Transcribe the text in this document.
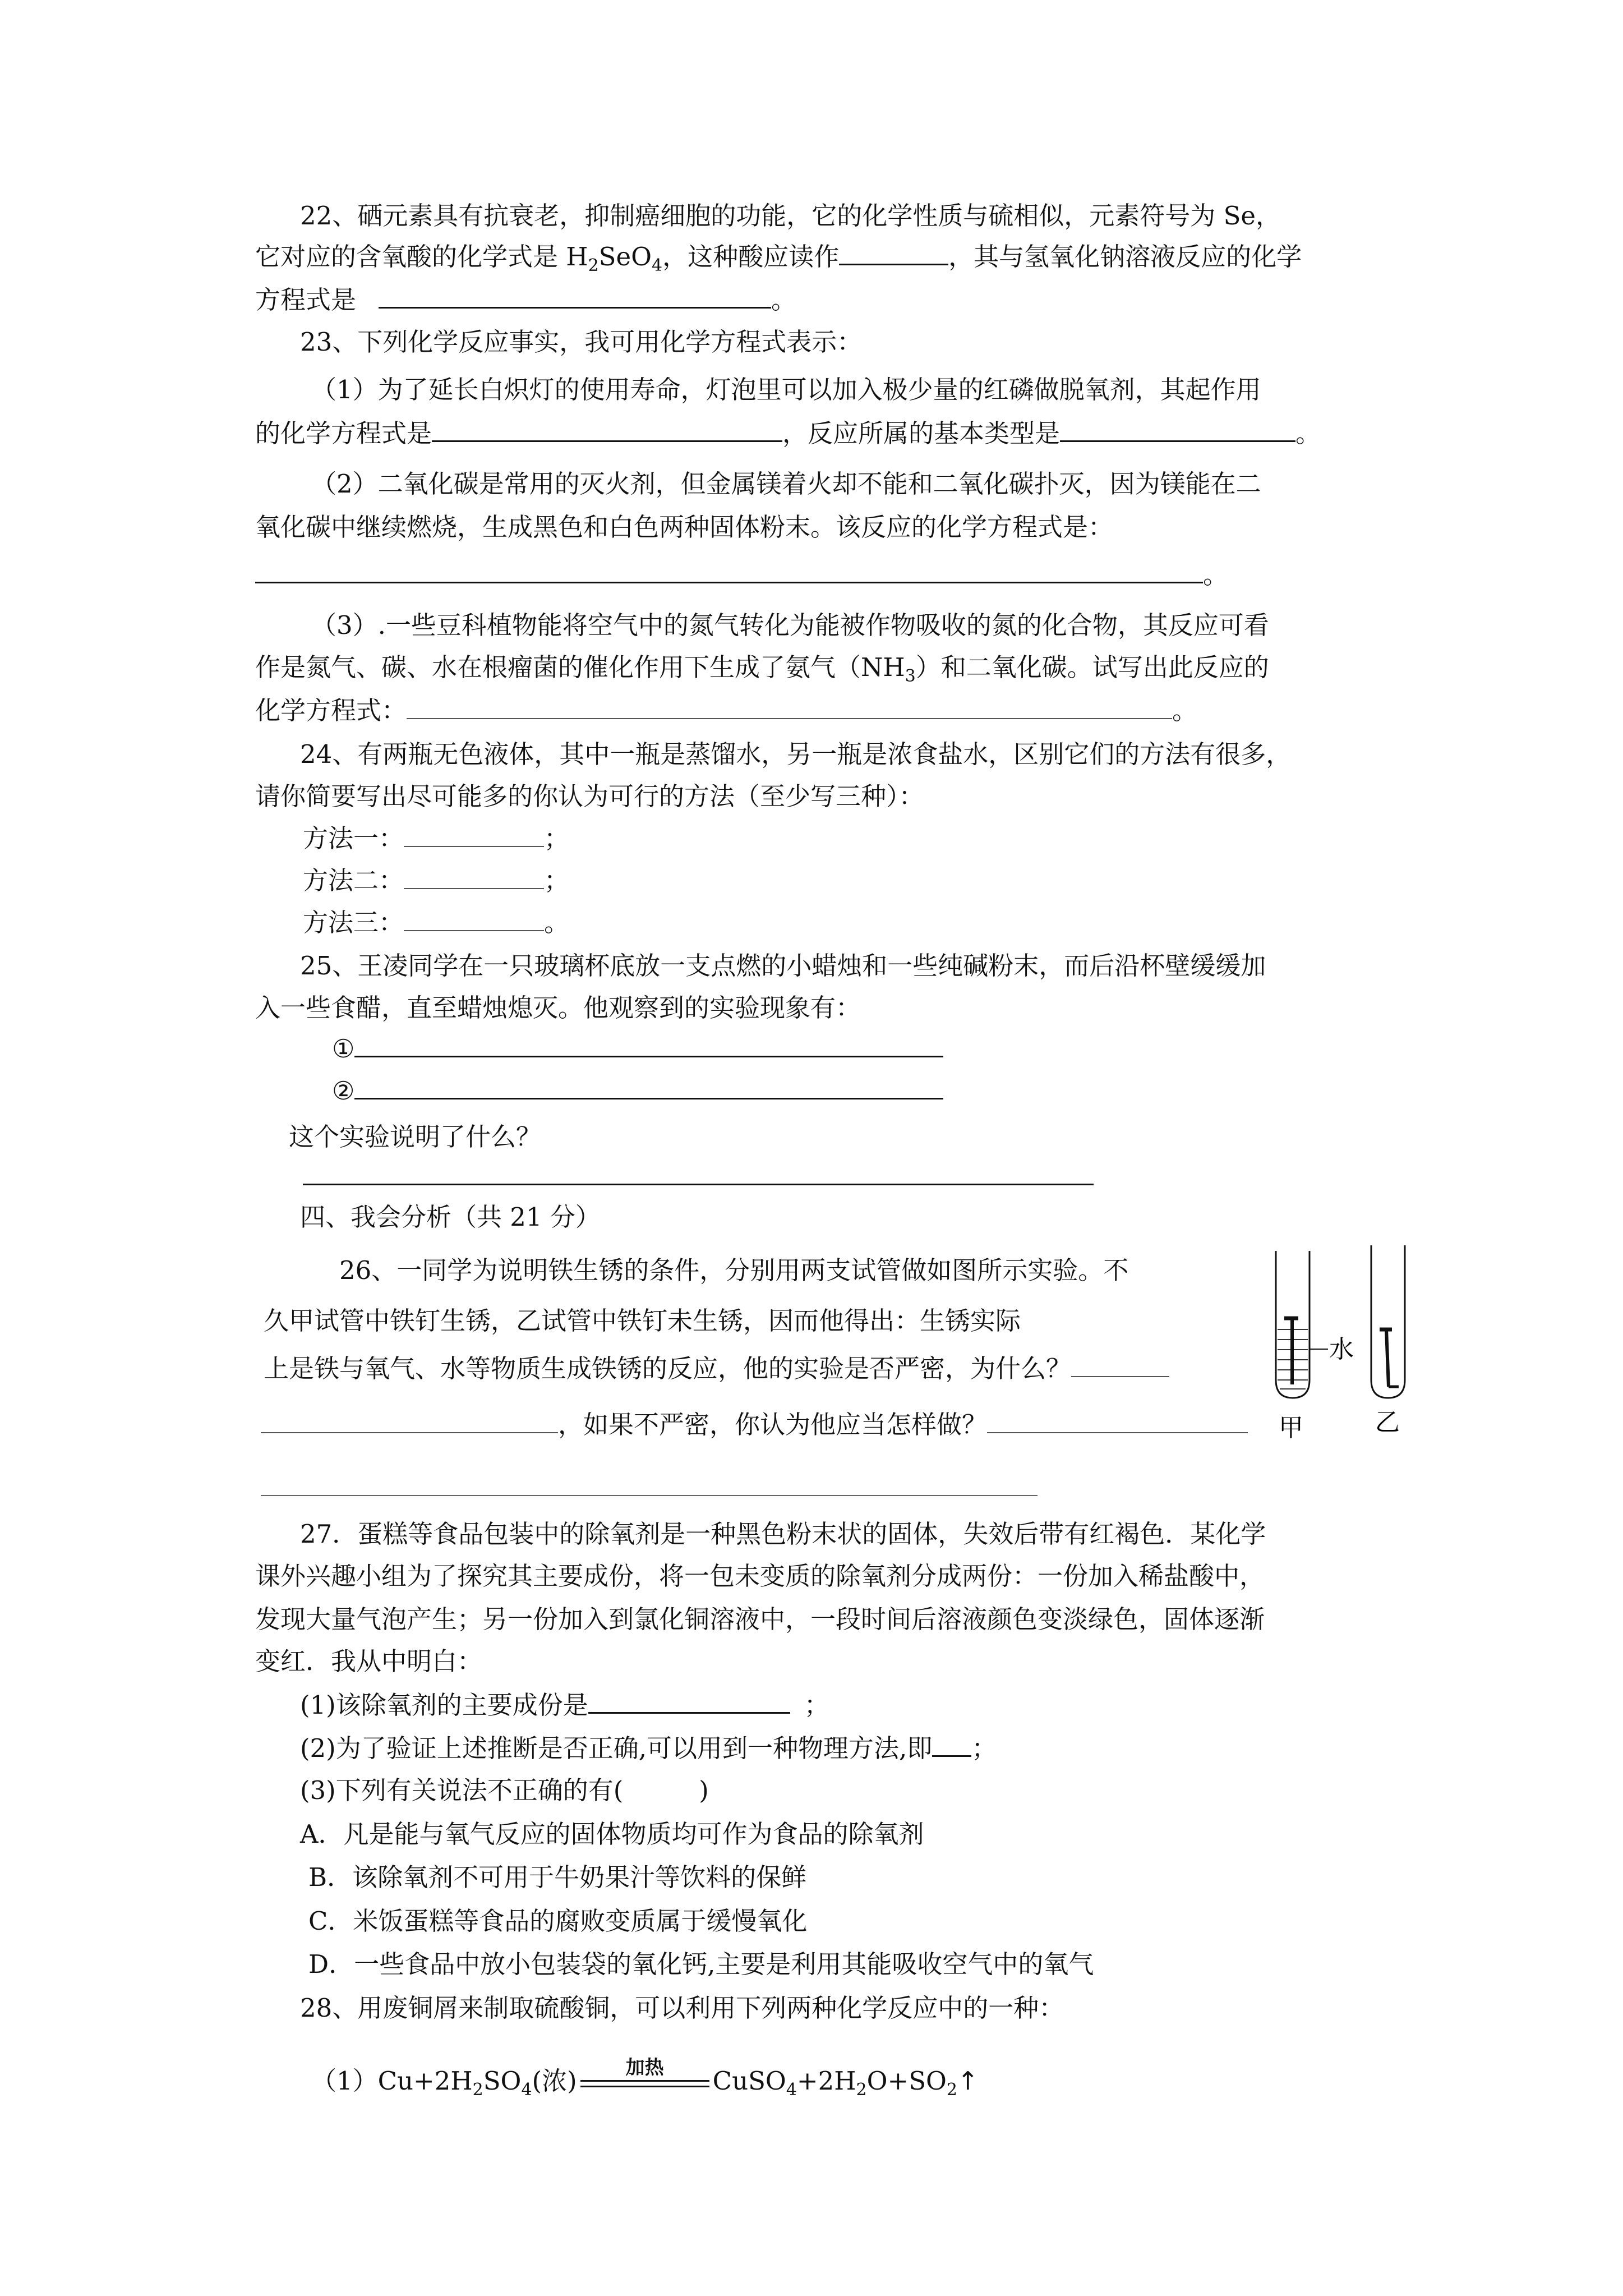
22、硒元素具有抗衰老，抑制癌细胞的功能，它的化学性质与硫相似，元素符号为 Se，
它对应的含氧酸的化学式是 $H_2SeO_4$，这种酸应读作	，其与氢氧化钠溶液反应的化学
方程式是	。
23、下列化学反应事实，我可用化学方程式表示：
（1）为了延长白炽灯的使用寿命，灯泡里可以加入极少量的红磷做脱氧剂，其起作用
的化学方程式是	，反应所属的基本类型是	。
（2）二氧化碳是常用的灭火剂，但金属镁着火却不能和二氧化碳扑灭，因为镁能在二
氧化碳中继续燃烧，生成黑色和白色两种固体粉末。该反应的化学方程式是：
。
（3）.一些豆科植物能将空气中的氮气转化为能被作物吸收的氮的化合物，其反应可看
作是氮气、碳、水在根瘤菌的催化作用下生成了氨气$(NH_3)$和二氧化碳。试写出此反应的
化学方程式：	。
24、有两瓶无色液体，其中一瓶是蒸馏水，另一瓶是浓食盐水，区别它们的方法有很多，
请你简要写出尽可能多的你认为可行的方法（至少写三种）：
方法一：	；
方法二：	；
方法三：	。
25、王凌同学在一只玻璃杯底放一支点燃的小蜡烛和一些纯碱粉末，而后沿杯壁缓缓加
入一些食醋，直至蜡烛熄灭。他观察到的实验现象有：
①
②
这个实验说明了什么？
四、我会分析（共 21 分）
26、一同学为说明铁生锈的条件，分别用两支试管做如图所示实验。不
久甲试管中铁钉生锈，乙试管中铁钉未生锈，因而他得出：生锈实际
上是铁与氧气、水等物质生成铁锈的反应，他的实验是否严密，为什么？
，如果不严密，你认为他应当怎样做？
水
甲	乙
27．蛋糕等食品包装中的除氧剂是一种黑色粉末状的固体，失效后带有红褐色．某化学
课外兴趣小组为了探究其主要成份，将一包未变质的除氧剂分成两份：一份加入稀盐酸中，
发现大量气泡产生；另一份加入到氯化铜溶液中，一段时间后溶液颜色变淡绿色，固体逐渐
变红．我从中明白：
(1)该除氧剂的主要成份是	；
(2)为了验证上述推断是否正确,可以用到一种物理方法,即 ；
(3)下列有关说法不正确的有(　　　)
A．凡是能与氧气反应的固体物质均可作为食品的除氧剂
B．该除氧剂不可用于牛奶果汁等饮料的保鲜
C．米饭蛋糕等食品的腐败变质属于缓慢氧化
D．一些食品中放小包装袋的氧化钙,主要是利用其能吸收空气中的氧气
28、用废铜屑来制取硫酸铜，可以利用下列两种化学反应中的一种：
$(1)Cu+2H_2SO_4$(浓)	加热	$CuSO_4+2H_2O+SO_2↑$
